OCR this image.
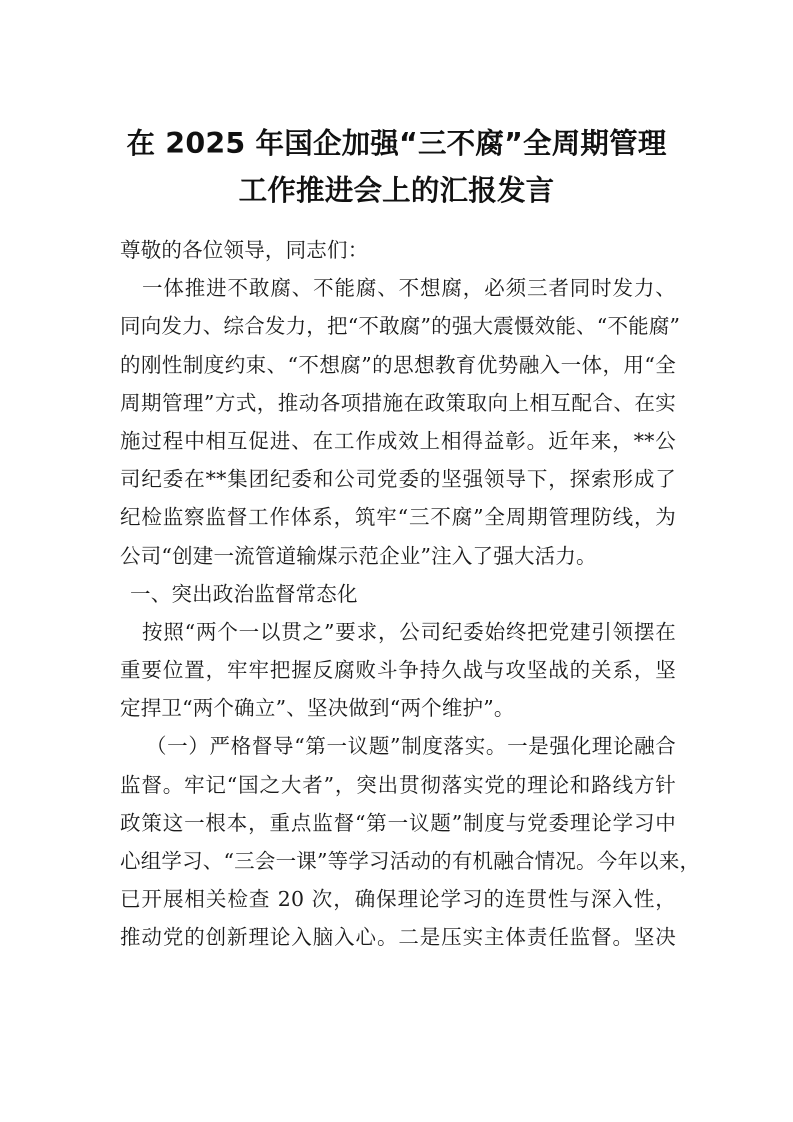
在 2025 年国企加强“三不腐”全周期管理
工作推进会上的汇报发言
尊敬的各位领导，同志们：
一体推进不敢腐、不能腐、不想腐，必须三者同时发力、
同向发力、综合发力，把“不敢腐”的强大震慑效能、“不能腐”
的刚性制度约束、“不想腐”的思想教育优势融入一体，用“全
周期管理”方式，推动各项措施在政策取向上相互配合、在实
施过程中相互促进、在工作成效上相得益彰。近年来，**公
司纪委在**集团纪委和公司党委的坚强领导下，探索形成了
纪检监察监督工作体系，筑牢“三不腐”全周期管理防线，为
公司“创建一流管道输煤示范企业”注入了强大活力。
一、突出政治监督常态化
按照“两个一以贯之”要求，公司纪委始终把党建引领摆在
重要位置，牢牢把握反腐败斗争持久战与攻坚战的关系，坚
定捍卫“两个确立”、坚决做到“两个维护”。
（一）严格督导“第一议题”制度落实。一是强化理论融合
监督。牢记“国之大者”，突出贯彻落实党的理论和路线方针
政策这一根本，重点监督“第一议题”制度与党委理论学习中
心组学习、“三会一课”等学习活动的有机融合情况。今年以来，
已开展相关检查 20 次，确保理论学习的连贯性与深入性，
推动党的创新理论入脑入心。二是压实主体责任监督。坚决
